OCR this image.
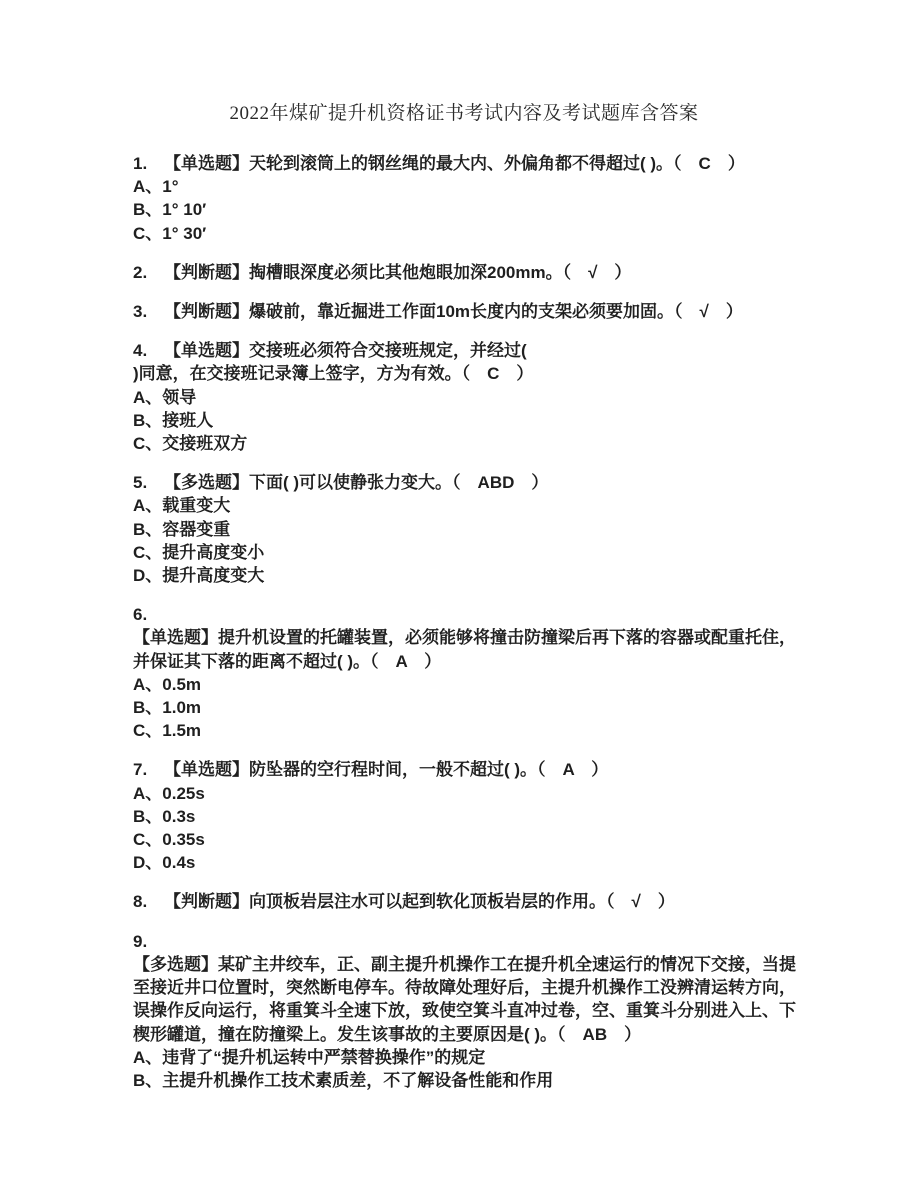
2022年煤矿提升机资格证书考试内容及考试题库含答案
1. 【单选题】天轮到滚筒上的钢丝绳的最大内、外偏角都不得超过( )。（　C　）
A、1°
B、1° 10′
C、1° 30′
2. 【判断题】掏槽眼深度必须比其他炮眼加深200mm。（　√　）
3. 【判断题】爆破前，靠近掘进工作面10m长度内的支架必须要加固。（　√　）
4. 【单选题】交接班必须符合交接班规定，并经过(
)同意，在交接班记录簿上签字，方为有效。（　C　）
A、领导
B、接班人
C、交接班双方
5. 【多选题】下面( )可以使静张力变大。（　ABD　）
A、载重变大
B、容器变重
C、提升高度变小
D、提升高度变大
6.
【单选题】提升机设置的托罐装置，必须能够将撞击防撞梁后再下落的容器或配重托住，
并保证其下落的距离不超过( )。（　A　）
A、0.5m
B、1.0m
C、1.5m
7. 【单选题】防坠器的空行程时间，一般不超过( )。（　A　）
A、0.25s
B、0.3s
C、0.35s
D、0.4s
8. 【判断题】向顶板岩层注水可以起到软化顶板岩层的作用。（　√　）
9.
【多选题】某矿主井绞车，正、副主提升机操作工在提升机全速运行的情况下交接，当提
至接近井口位置时，突然断电停车。待故障处理好后，主提升机操作工没辨清运转方向，
误操作反向运行，将重箕斗全速下放，致使空箕斗直冲过卷，空、重箕斗分别进入上、下
楔形罐道，撞在防撞梁上。发生该事故的主要原因是( )。（　AB　）
A、违背了“提升机运转中严禁替换操作”的规定
B、主提升机操作工技术素质差，不了解设备性能和作用
